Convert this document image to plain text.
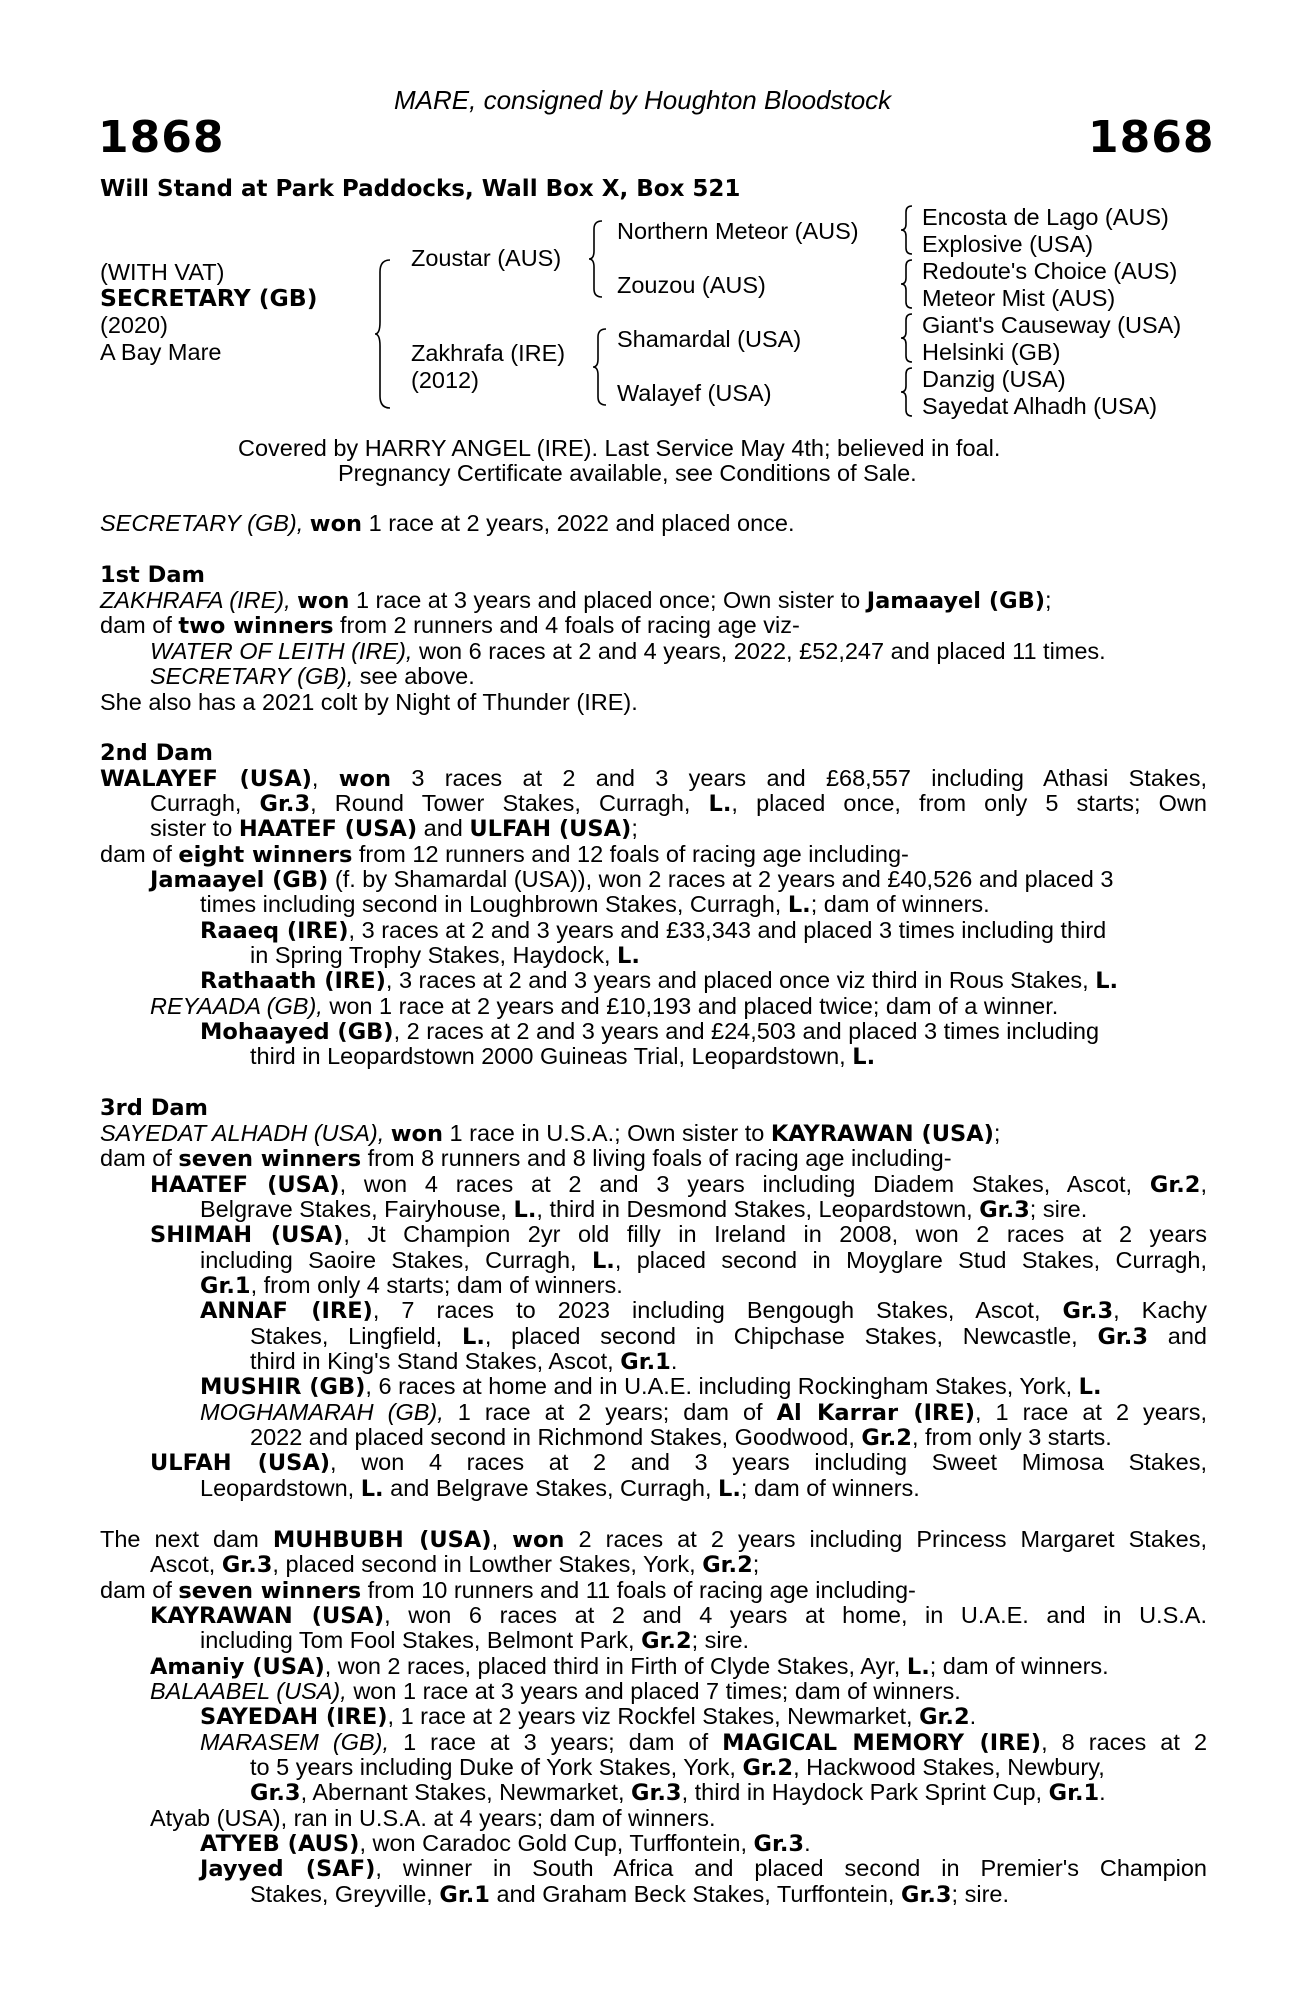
MARE, consigned by Houghton Bloodstock
1868	1868
Will Stand at Park Paddocks, Wall Box X, Box 521
(WITH VAT)
SECRETARY (GB)
(2020)
A Bay Mare
Zoustar (AUS)
Zakhrafa (IRE)
(2012)
Northern Meteor (AUS)
Zouzou (AUS)
Shamardal (USA)
Walayef (USA)
Encosta de Lago (AUS)
Explosive (USA)
Redoute's Choice (AUS)
Meteor Mist (AUS)
Giant's Causeway (USA)
Helsinki (GB)
Danzig (USA)
Sayedat Alhadh (USA)
Covered by HARRY ANGEL (IRE). Last Service May 4th; believed in foal.
Pregnancy Certificate available, see Conditions of Sale.
SECRETARY (GB), won 1 race at 2 years, 2022 and placed once.
1st Dam
ZAKHRAFA (IRE), won 1 race at 3 years and placed once; Own sister to Jamaayel (GB);
dam of two winners from 2 runners and 4 foals of racing age viz-
WATER OF LEITH (IRE), won 6 races at 2 and 4 years, 2022, £52,247 and placed 11 times.
SECRETARY (GB), see above.
She also has a 2021 colt by Night of Thunder (IRE).
2nd Dam
WALAYEF (USA), won 3 races at 2 and 3 years and £68,557 including Athasi Stakes,
Curragh, Gr.3, Round Tower Stakes, Curragh, L., placed once, from only 5 starts; Own
sister to HAATEF (USA) and ULFAH (USA);
dam of eight winners from 12 runners and 12 foals of racing age including-
Jamaayel (GB) (f. by Shamardal (USA)), won 2 races at 2 years and £40,526 and placed 3
times including second in Loughbrown Stakes, Curragh, L.; dam of winners.
Raaeq (IRE), 3 races at 2 and 3 years and £33,343 and placed 3 times including third
in Spring Trophy Stakes, Haydock, L.
Rathaath (IRE), 3 races at 2 and 3 years and placed once viz third in Rous Stakes, L.
REYAADA (GB), won 1 race at 2 years and £10,193 and placed twice; dam of a winner.
Mohaayed (GB), 2 races at 2 and 3 years and £24,503 and placed 3 times including
third in Leopardstown 2000 Guineas Trial, Leopardstown, L.
3rd Dam
SAYEDAT ALHADH (USA), won 1 race in U.S.A.; Own sister to KAYRAWAN (USA);
dam of seven winners from 8 runners and 8 living foals of racing age including-
HAATEF (USA), won 4 races at 2 and 3 years including Diadem Stakes, Ascot, Gr.2,
Belgrave Stakes, Fairyhouse, L., third in Desmond Stakes, Leopardstown, Gr.3; sire.
SHIMAH (USA), Jt Champion 2yr old filly in Ireland in 2008, won 2 races at 2 years
including Saoire Stakes, Curragh, L., placed second in Moyglare Stud Stakes, Curragh,
Gr.1, from only 4 starts; dam of winners.
ANNAF (IRE), 7 races to 2023 including Bengough Stakes, Ascot, Gr.3, Kachy
Stakes, Lingfield, L., placed second in Chipchase Stakes, Newcastle, Gr.3 and
third in King's Stand Stakes, Ascot, Gr.1.
MUSHIR (GB), 6 races at home and in U.A.E. including Rockingham Stakes, York, L.
MOGHAMARAH (GB), 1 race at 2 years; dam of Al Karrar (IRE), 1 race at 2 years,
2022 and placed second in Richmond Stakes, Goodwood, Gr.2, from only 3 starts.
ULFAH (USA), won 4 races at 2 and 3 years including Sweet Mimosa Stakes,
Leopardstown, L. and Belgrave Stakes, Curragh, L.; dam of winners.
The next dam MUHBUBH (USA), won 2 races at 2 years including Princess Margaret Stakes,
Ascot, Gr.3, placed second in Lowther Stakes, York, Gr.2;
dam of seven winners from 10 runners and 11 foals of racing age including-
KAYRAWAN (USA), won 6 races at 2 and 4 years at home, in U.A.E. and in U.S.A.
including Tom Fool Stakes, Belmont Park, Gr.2; sire.
Amaniy (USA), won 2 races, placed third in Firth of Clyde Stakes, Ayr, L.; dam of winners.
BALAABEL (USA), won 1 race at 3 years and placed 7 times; dam of winners.
SAYEDAH (IRE), 1 race at 2 years viz Rockfel Stakes, Newmarket, Gr.2.
MARASEM (GB), 1 race at 3 years; dam of MAGICAL MEMORY (IRE), 8 races at 2
to 5 years including Duke of York Stakes, York, Gr.2, Hackwood Stakes, Newbury,
Gr.3, Abernant Stakes, Newmarket, Gr.3, third in Haydock Park Sprint Cup, Gr.1.
Atyab (USA), ran in U.S.A. at 4 years; dam of winners.
ATYEB (AUS), won Caradoc Gold Cup, Turffontein, Gr.3.
Jayyed (SAF), winner in South Africa and placed second in Premier's Champion
Stakes, Greyville, Gr.1 and Graham Beck Stakes, Turffontein, Gr.3; sire.
